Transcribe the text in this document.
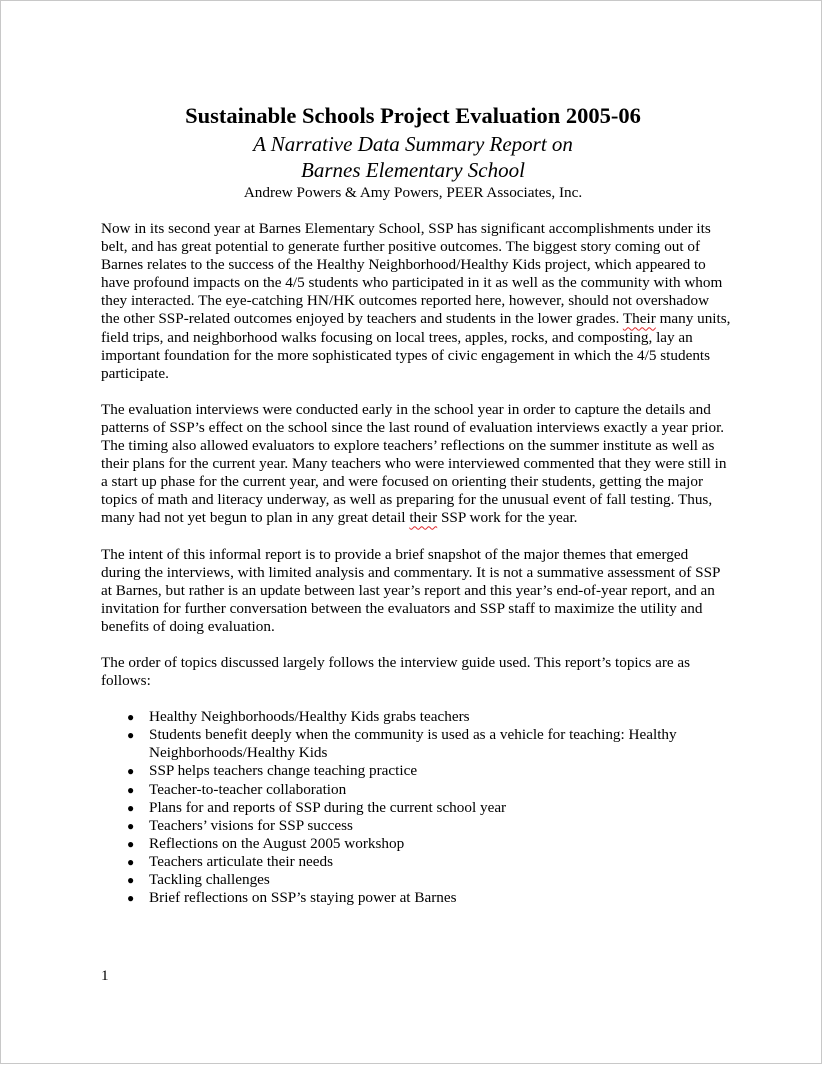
Sustainable Schools Project Evaluation 2005-06

A Narrative Data Summary Report on

Barnes Elementary School

Andrew Powers & Amy Powers, PEER Associates, Inc.

Now in its second year at Barnes Elementary School, SSP has significant accomplishments under its belt, and has great potential to generate further positive outcomes. The biggest story coming out of Barnes relates to the success of the Healthy Neighborhood/Healthy Kids project, which appeared to have profound impacts on the 4/5 students who participated in it as well as the community with whom they interacted. The eye-catching HN/HK outcomes reported here, however, should not overshadow the other SSP-related outcomes enjoyed by teachers and students in the lower grades. Their many units, field trips, and neighborhood walks focusing on local trees, apples, rocks, and composting, lay an important foundation for the more sophisticated types of civic engagement in which the 4/5 students participate.

The evaluation interviews were conducted early in the school year in order to capture the details and patterns of SSP’s effect on the school since the last round of evaluation interviews exactly a year prior. The timing also allowed evaluators to explore teachers’ reflections on the summer institute as well as their plans for the current year. Many teachers who were interviewed commented that they were still in a start up phase for the current year, and were focused on orienting their students, getting the major topics of math and literacy underway, as well as preparing for the unusual event of fall testing. Thus, many had not yet begun to plan in any great detail their SSP work for the year.

The intent of this informal report is to provide a brief snapshot of the major themes that emerged during the interviews, with limited analysis and commentary. It is not a summative assessment of SSP at Barnes, but rather is an update between last year’s report and this year’s end-of-year report, and an invitation for further conversation between the evaluators and SSP staff to maximize the utility and benefits of doing evaluation.

The order of topics discussed largely follows the interview guide used. This report’s topics are as follows:

● Healthy Neighborhoods/Healthy Kids grabs teachers
● Students benefit deeply when the community is used as a vehicle for teaching: Healthy Neighborhoods/Healthy Kids
● SSP helps teachers change teaching practice
● Teacher-to-teacher collaboration
● Plans for and reports of SSP during the current school year
● Teachers’ visions for SSP success
● Reflections on the August 2005 workshop
● Teachers articulate their needs
● Tackling challenges
● Brief reflections on SSP’s staying power at Barnes
1
